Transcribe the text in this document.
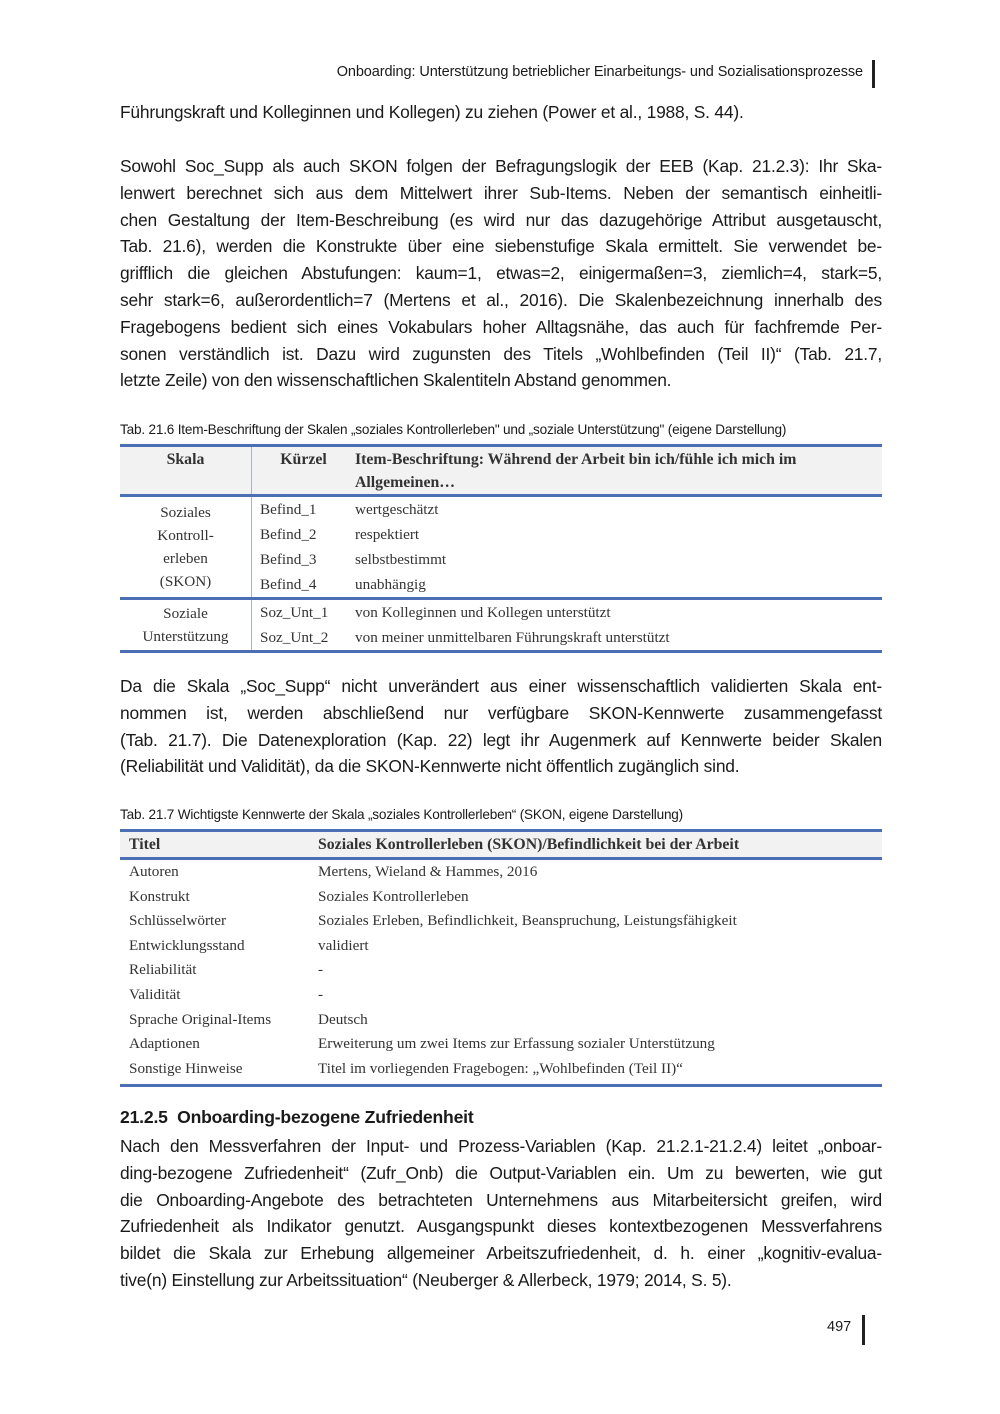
Onboarding: Unterstützung betrieblicher Einarbeitungs- und Sozialisationsprozesse
Führungskraft und Kolleginnen und Kollegen) zu ziehen (Power et al., 1988, S. 44).
Sowohl Soc_Supp als auch SKON folgen der Befragungslogik der EEB (Kap. 21.2.3): Ihr Ska-
lenwert berechnet sich aus dem Mittelwert ihrer Sub-Items. Neben der semantisch einheitli-
chen Gestaltung der Item-Beschreibung (es wird nur das dazugehörige Attribut ausgetauscht,
Tab. 21.6), werden die Konstrukte über eine siebenstufige Skala ermittelt. Sie verwendet be-
grifflich die gleichen Abstufungen: kaum=1, etwas=2, einigermaßen=3, ziemlich=4, stark=5,
sehr stark=6, außerordentlich=7 (Mertens et al., 2016). Die Skalenbezeichnung innerhalb des
Fragebogens bedient sich eines Vokabulars hoher Alltagsnähe, das auch für fachfremde Per-
sonen verständlich ist. Dazu wird zugunsten des Titels „Wohlbefinden (Teil II)“ (Tab. 21.7,
letzte Zeile) von den wissenschaftlichen Skalentiteln Abstand genommen.
Tab. 21.6 Item-Beschriftung der Skalen „soziales Kontrollerleben" und „soziale Unterstützung" (eigene Darstellung)
Skala	Kürzel	Item-Beschriftung: Während der Arbeit bin ich/fühle ich mich im
Allgemeinen…

Soziales
Kontroll-
erleben
(SKON)	Befind_1	wertgeschätzt
	Befind_2	respektiert
	Befind_3	selbstbestimmt
	Befind_4	unabhängig

Soziale
Unterstützung	Soz_Unt_1	von Kolleginnen und Kollegen unterstützt
	Soz_Unt_2	von meiner unmittelbaren Führungskraft unterstützt
Da die Skala „Soc_Supp“ nicht unverändert aus einer wissenschaftlich validierten Skala ent-
nommen ist, werden abschließend nur verfügbare SKON-Kennwerte zusammengefasst
(Tab. 21.7). Die Datenexploration (Kap. 22) legt ihr Augenmerk auf Kennwerte beider Skalen
(Reliabilität und Validität), da die SKON-Kennwerte nicht öffentlich zugänglich sind.
Tab. 21.7 Wichtigste Kennwerte der Skala „soziales Kontrollerleben“ (SKON, eigene Darstellung)
Titel	Soziales Kontrollerleben (SKON)/Befindlichkeit bei der Arbeit
Autoren	Mertens, Wieland & Hammes, 2016
Konstrukt	Soziales Kontrollerleben
Schlüsselwörter	Soziales Erleben, Befindlichkeit, Beanspruchung, Leistungsfähigkeit
Entwicklungsstand	validiert
Reliabilität	-
Validität	-
Sprache Original-Items	Deutsch
Adaptionen	Erweiterung um zwei Items zur Erfassung sozialer Unterstützung
Sonstige Hinweise	Titel im vorliegenden Fragebogen: „Wohlbefinden (Teil II)“
21.2.5  Onboarding-bezogene Zufriedenheit
Nach den Messverfahren der Input- und Prozess-Variablen (Kap. 21.2.1-21.2.4) leitet „onboar-
ding-bezogene Zufriedenheit“ (Zufr_Onb) die Output-Variablen ein. Um zu bewerten, wie gut
die Onboarding-Angebote des betrachteten Unternehmens aus Mitarbeitersicht greifen, wird
Zufriedenheit als Indikator genutzt. Ausgangspunkt dieses kontextbezogenen Messverfahrens
bildet die Skala zur Erhebung allgemeiner Arbeitszufriedenheit, d. h. einer „kognitiv-evalua-
tive(n) Einstellung zur Arbeitssituation“ (Neuberger & Allerbeck, 1979; 2014, S. 5).
497
